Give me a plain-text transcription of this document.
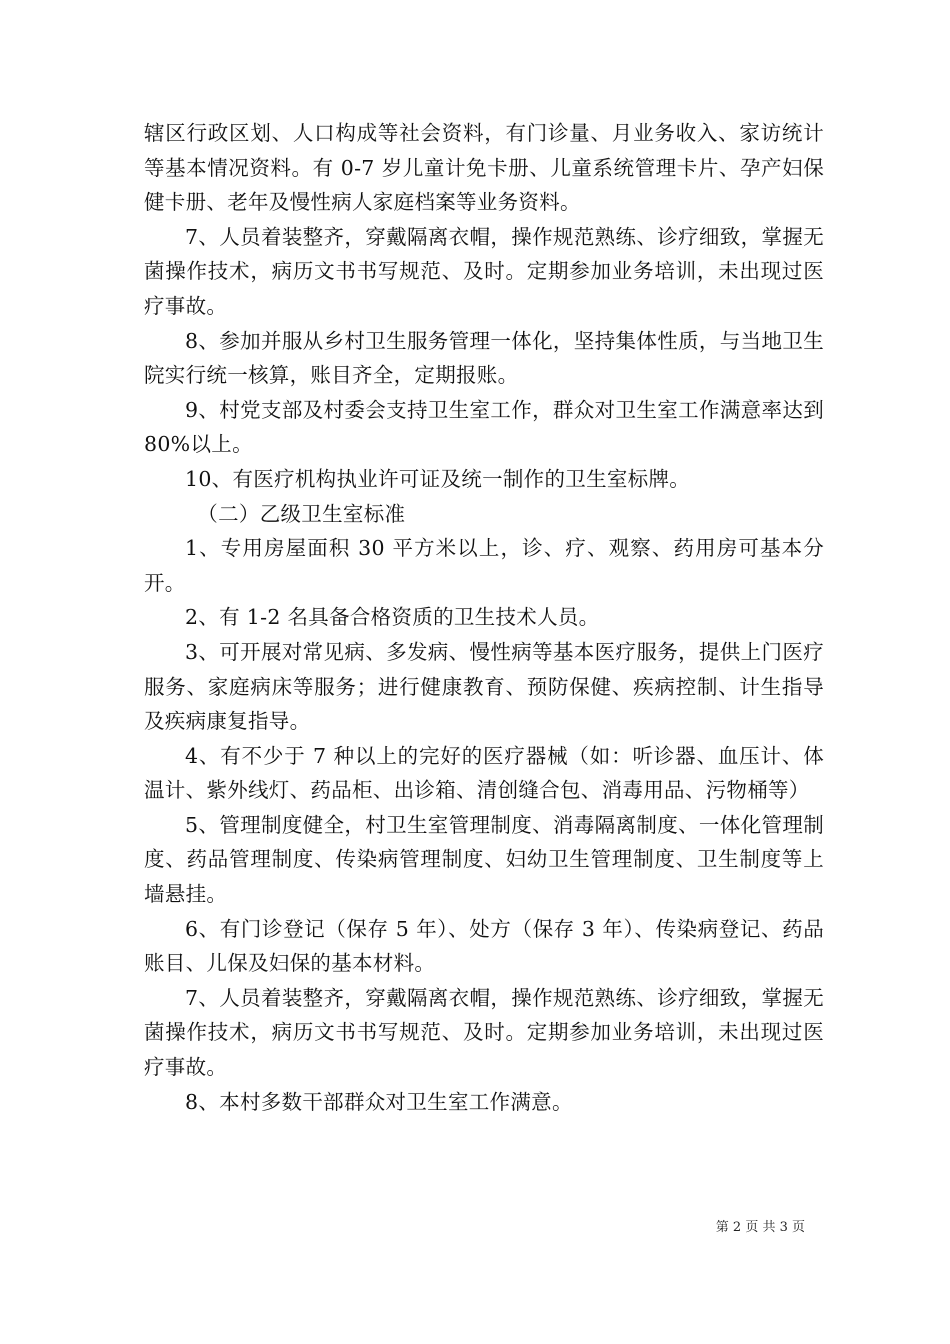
辖区行政区划、人口构成等社会资料，有门诊量、月业务收入、家访统计等基本情况资料。有 0-7 岁儿童计免卡册、儿童系统管理卡片、孕产妇保健卡册、老年及慢性病人家庭档案等业务资料。

7、人员着装整齐，穿戴隔离衣帽，操作规范熟练、诊疗细致，掌握无菌操作技术，病历文书书写规范、及时。定期参加业务培训，未出现过医疗事故。

8、参加并服从乡村卫生服务管理一体化，坚持集体性质，与当地卫生院实行统一核算，账目齐全，定期报账。

9、村党支部及村委会支持卫生室工作，群众对卫生室工作满意率达到 80%以上。

10、有医疗机构执业许可证及统一制作的卫生室标牌。

（二）乙级卫生室标准

1、专用房屋面积 30 平方米以上，诊、疗、观察、药用房可基本分开。

2、有 1-2 名具备合格资质的卫生技术人员。

3、可开展对常见病、多发病、慢性病等基本医疗服务，提供上门医疗服务、家庭病床等服务；进行健康教育、预防保健、疾病控制、计生指导及疾病康复指导。

4、有不少于 7 种以上的完好的医疗器械（如：听诊器、血压计、体温计、紫外线灯、药品柜、出诊箱、清创缝合包、消毒用品、污物桶等）

5、管理制度健全，村卫生室管理制度、消毒隔离制度、一体化管理制度、药品管理制度、传染病管理制度、妇幼卫生管理制度、卫生制度等上墙悬挂。

6、有门诊登记（保存 5 年）、处方（保存 3 年）、传染病登记、药品账目、儿保及妇保的基本材料。

7、人员着装整齐，穿戴隔离衣帽，操作规范熟练、诊疗细致，掌握无菌操作技术，病历文书书写规范、及时。定期参加业务培训，未出现过医疗事故。

8、本村多数干部群众对卫生室工作满意。

第 2 页 共 3 页
